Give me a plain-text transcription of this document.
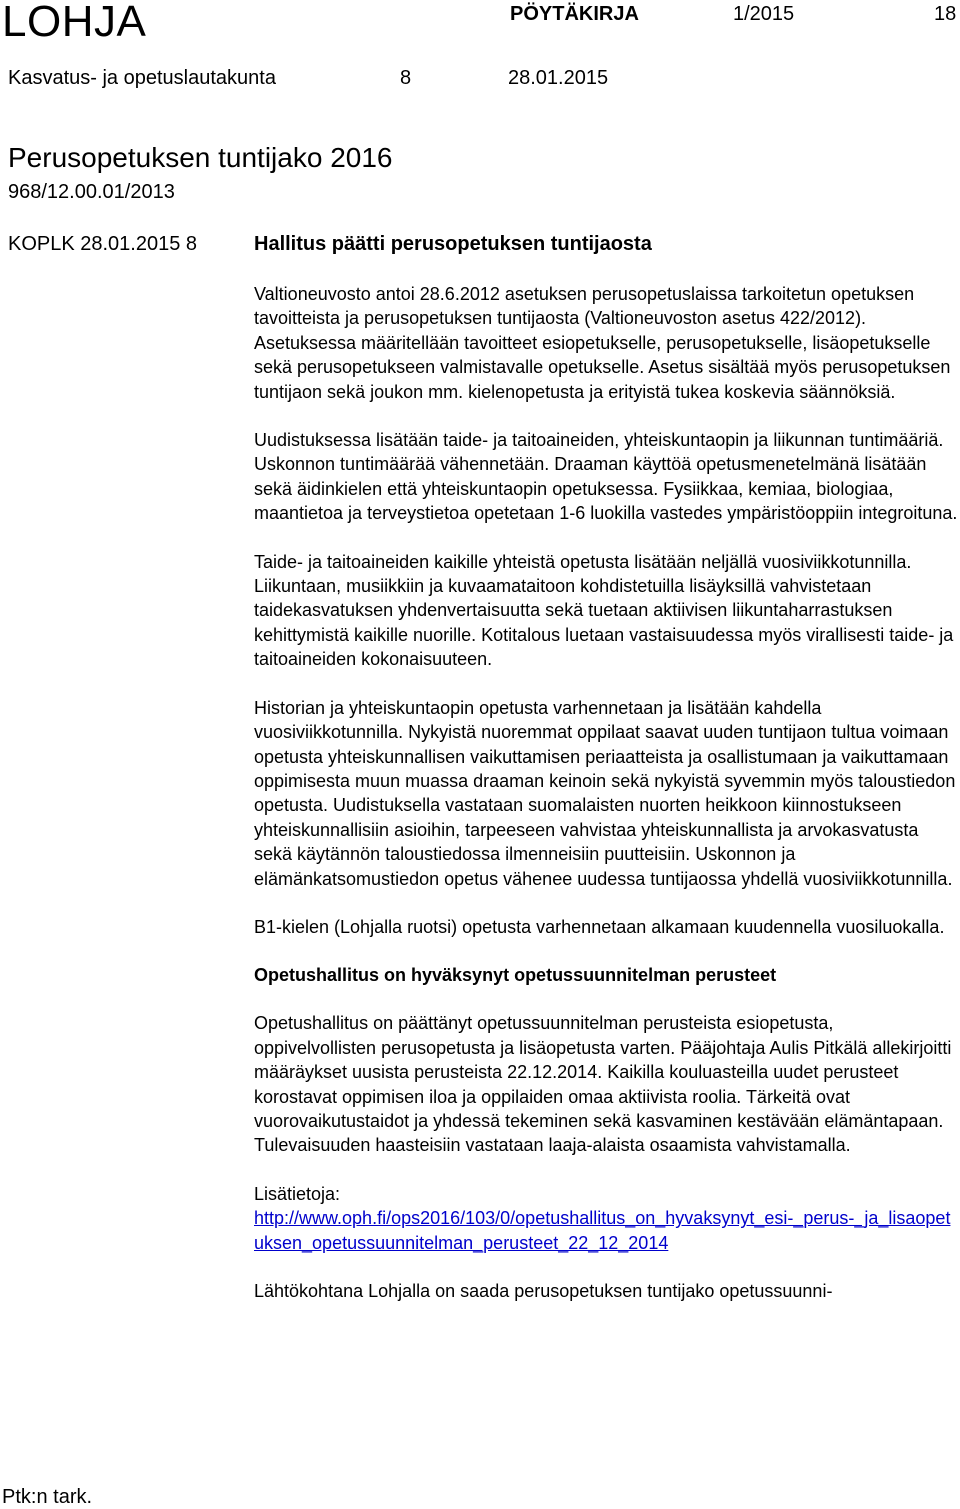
LOHJA	PÖYTÄKIRJA	1/2015	18
Kasvatus- ja opetuslautakunta	8	28.01.2015
Perusopetuksen tuntijako 2016
968/12.00.01/2013
KOPLK 28.01.2015 8	Hallitus päätti perusopetuksen tuntijaosta

Valtioneuvosto antoi 28.6.2012 asetuksen perusopetuslaissa tarkoitetun opetuksen tavoitteista ja perusopetuksen tuntijaosta (Valtioneuvoston asetus 422/2012). Asetuksessa määritellään tavoitteet esiopetukselle, perusopetukselle, lisäopetukselle sekä perusopetukseen valmistavalle opetukselle. Asetus sisältää myös perusopetuksen tuntijaon sekä joukon mm. kielenopetusta ja erityistä tukea koskevia säännöksiä.

Uudistuksessa lisätään taide- ja taitoaineiden, yhteiskuntaopin ja liikunnan tuntimääriä. Uskonnon tuntimäärää vähennetään. Draaman käyttöä opetusmenetelmänä lisätään sekä äidinkielen että yhteiskuntaopin opetuksessa. Fysiikkaa, kemiaa, biologiaa, maantietoa ja terveystietoa opetetaan 1-6 luokilla vastedes ympäristöoppiin integroituna.

Taide- ja taitoaineiden kaikille yhteistä opetusta lisätään neljällä vuosiviikkotunnilla. Liikuntaan, musiikkiin ja kuvaamataitoon kohdistetuilla lisäyksillä vahvistetaan taidekasvatuksen yhdenvertaisuutta sekä tuetaan aktiivisen liikuntaharrastuksen kehittymistä kaikille nuorille. Kotitalous luetaan vastaisuudessa myös virallisesti taide- ja taitoaineiden kokonaisuuteen.

Historian ja yhteiskuntaopin opetusta varhennetaan ja lisätään kahdella vuosiviikkotunnilla. Nykyistä nuoremmat oppilaat saavat uuden tuntijaon tultua voimaan opetusta yhteiskunnallisen vaikuttamisen periaatteista ja osallistumaan ja vaikuttamaan oppimisesta muun muassa draaman keinoin sekä nykyistä syvemmin myös taloustiedon opetusta. Uudistuksella vastataan suomalaisten nuorten heikkoon kiinnostukseen yhteiskunnallisiin asioihin, tarpeeseen vahvistaa yhteiskunnallista ja arvokasvatusta sekä käytännön taloustiedossa ilmenneisiin puutteisiin. Uskonnon ja elämänkatsomustiedon opetus vähenee uudessa tuntijaossa yhdellä vuosiviikkotunnilla.

B1-kielen (Lohjalla ruotsi) opetusta varhennetaan alkamaan kuudennella vuosiluokalla.

Opetushallitus on hyväksynyt opetussuunnitelman perusteet

Opetushallitus on päättänyt opetussuunnitelman perusteista esiopetusta, oppivelvollisten perusopetusta ja lisäopetusta varten. Pääjohtaja Aulis Pitkälä allekirjoitti määräykset uusista perusteista 22.12.2014. Kaikilla kouluasteilla uudet perusteet korostavat oppimisen iloa ja oppilaiden omaa aktiivista roolia. Tärkeitä ovat vuorovaikutustaidot ja yhdessä tekeminen sekä kasvaminen kestävään elämäntapaan. Tulevaisuuden haasteisiin vastataan laaja-alaista osaamista vahvistamalla.

Lisätietoja:
http://www.oph.fi/ops2016/103/0/opetushallitus_on_hyvaksynyt_esi-_perus-_ja_lisaopetuksen_opetussuunnitelman_perusteet_22_12_2014

Lähtökohtana Lohjalla on saada perusopetuksen tuntijako opetussuunni-

Ptk:n tark.
